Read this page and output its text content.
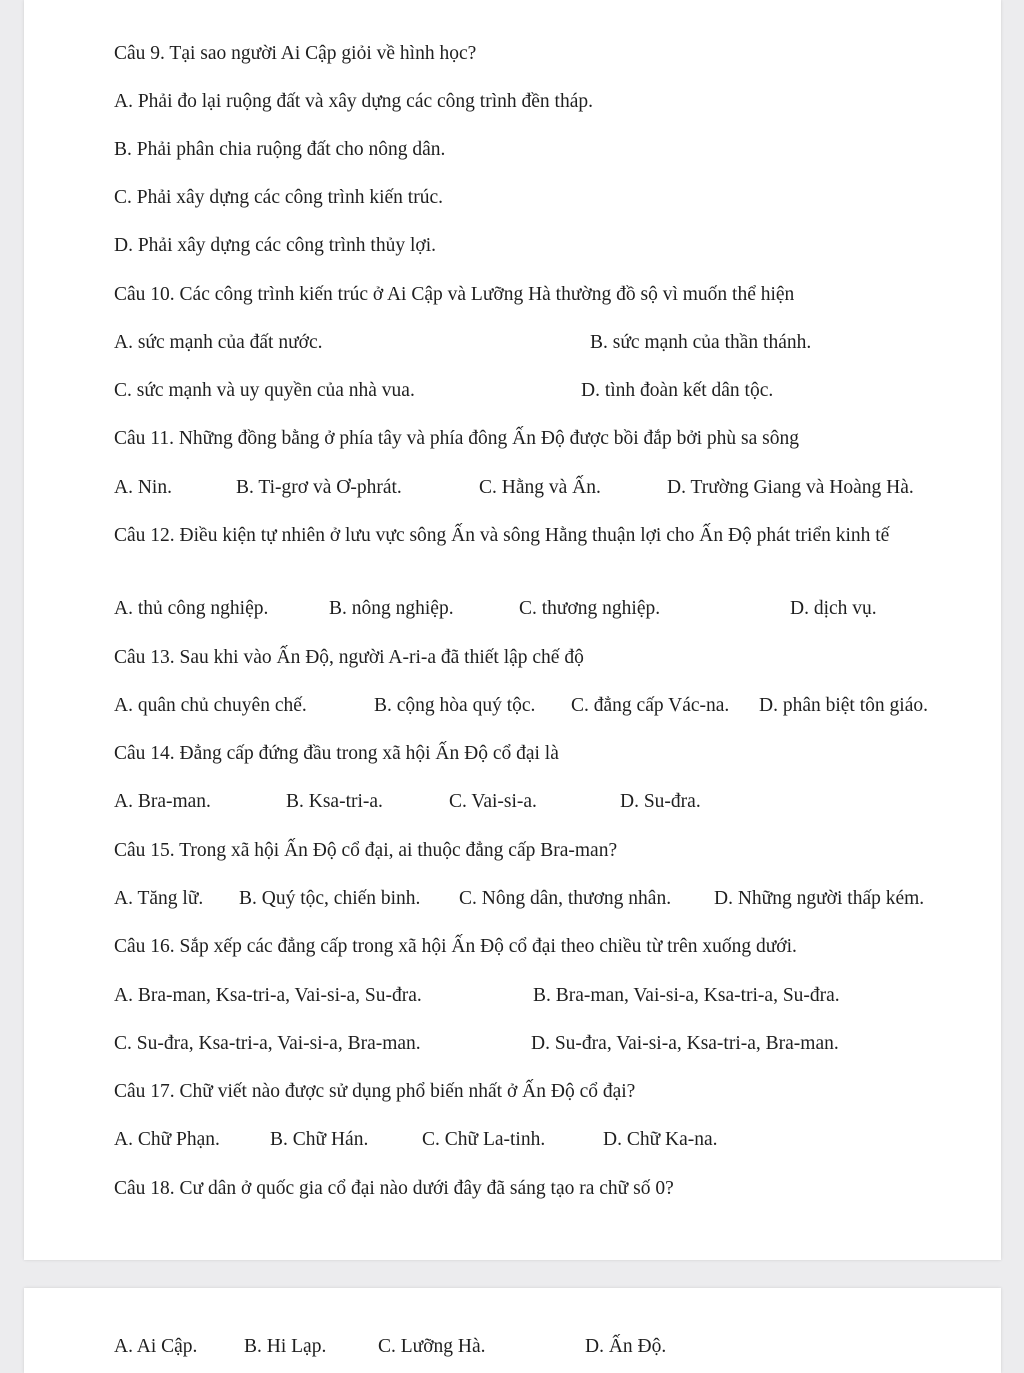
Câu 9. Tại sao người Ai Cập giỏi về hình học?

A. Phải đo lại ruộng đất và xây dựng các công trình đền tháp.

B. Phải phân chia ruộng đất cho nông dân.

C. Phải xây dựng các công trình kiến trúc.

D. Phải xây dựng các công trình thủy lợi.

Câu 10. Các công trình kiến trúc ở Ai Cập và Lưỡng Hà thường đồ sộ vì muốn thể hiện

A. sức mạnh của đất nước.	B. sức mạnh của thần thánh.

C. sức mạnh và uy quyền của nhà vua.	D. tình đoàn kết dân tộc.

Câu 11. Những đồng bằng ở phía tây và phía đông Ấn Độ được bồi đắp bởi phù sa sông

A. Nin.	B. Ti-grơ và Ơ-phrát.	C. Hằng và Ấn.	D. Trường Giang và Hoàng Hà.

Câu 12. Điều kiện tự nhiên ở lưu vực sông Ấn và sông Hằng thuận lợi cho Ấn Độ phát triển kinh tế

A. thủ công nghiệp.	B. nông nghiệp.	C. thương nghiệp.	D. dịch vụ.

Câu 13. Sau khi vào Ấn Độ, người A-ri-a đã thiết lập chế độ

A. quân chủ chuyên chế.	B. cộng hòa quý tộc. C. đẳng cấp Vác-na. D. phân biệt tôn giáo.

Câu 14. Đẳng cấp đứng đầu trong xã hội Ấn Độ cổ đại là

A. Bra-man.	B. Ksa-tri-a.	C. Vai-si-a.	D. Su-đra.

Câu 15. Trong xã hội Ấn Độ cổ đại, ai thuộc đẳng cấp Bra-man?

A. Tăng lữ. B. Quý tộc, chiến binh. C. Nông dân, thương nhân. D. Những người thấp kém.

Câu 16. Sắp xếp các đẳng cấp trong xã hội Ấn Độ cổ đại theo chiều từ trên xuống dưới.

A. Bra-man, Ksa-tri-a, Vai-si-a, Su-đra.	B. Bra-man, Vai-si-a, Ksa-tri-a, Su-đra.

C. Su-đra, Ksa-tri-a, Vai-si-a, Bra-man.	D. Su-đra, Vai-si-a, Ksa-tri-a, Bra-man.

Câu 17. Chữ viết nào được sử dụng phổ biến nhất ở Ấn Độ cổ đại?

A. Chữ Phạn.	B. Chữ Hán.	C. Chữ La-tinh.	D. Chữ Ka-na.

Câu 18. Cư dân ở quốc gia cổ đại nào dưới đây đã sáng tạo ra chữ số 0?

A. Ai Cập. B. Hi Lạp.	C. Lưỡng Hà.	D. Ấn Độ.
